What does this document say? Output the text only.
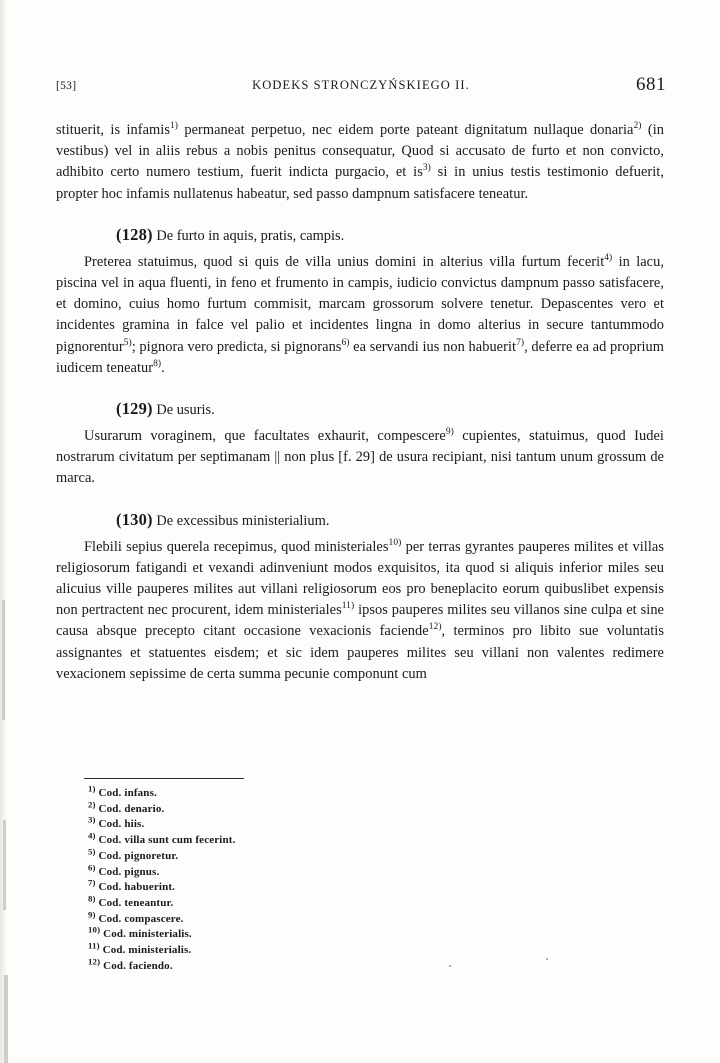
[53]	KODEKS STRONCZYŃSKIEGO II.	681

stituerit, is infamis$^{1)}$ permaneat perpetuo, nec eidem porte pateant dignitatum nullaque donaria$^{2)}$ (in vestibus) vel in aliis rebus a nobis penitus consequatur, Quod si accusato de furto et non convicto, adhibito certo numero testium, fuerit indicta purgacio, et is$^{3)}$ si in unius testis testimonio defuerit, propter hoc infamis nullatenus habeatur, sed passo dampnum satisfacere teneatur.

(128) De furto in aquis, pratis, campis.

Preterea statuimus, quod si quis de villa unius domini in alterius villa furtum fecerit$^{4)}$ in lacu, piscina vel in aqua fluenti, in feno et frumento in campis, iudicio convictus dampnum passo satisfacere, et domino, cuius homo furtum commisit, marcam grossorum solvere tenetur. Depascentes vero et incidentes gramina in falce vel palio et incidentes lingna in domo alterius in secure tantummodo pignorentur$^{5)}$; pignora vero predicta, si pignorans$^{6)}$ ea servandi ius non habuerit$^{7)}$, deferre ea ad proprium iudicem teneatur$^{8)}$.

(129) De usuris.

Usurarum voraginem, que facultates exhaurit, compescere$^{9)}$ cupientes, statuimus, quod Iudei nostrarum civitatum per septimanam || non plus [f. 29] de usura recipiant, nisi tantum unum grossum de marca.

(130) De excessibus ministerialium.

Flebili sepius querela recepimus, quod ministeriales$^{10)}$ per terras gyrantes pauperes milites et villas religiosorum fatigandi et vexandi adinveniunt modos exquisitos, ita quod si aliquis inferior miles seu alicuius ville pauperes milites aut villani religiosorum eos pro beneplacito eorum quibuslibet expensis non pertractent nec procurent, idem ministeriales$^{11)}$ ipsos pauperes milites seu villanos sine culpa et sine causa absque precepto citant occasione vexacionis faciende$^{12)}$, terminos pro libito sue voluntatis assignantes et statuentes eisdem; et sic idem pauperes milites seu villani non valentes redimere vexacionem sepissime de certa summa pecunie componunt cum

$^{1)}$ Cod. infans.
$^{2)}$ Cod. denario.
$^{3)}$ Cod. hiis.
$^{4)}$ Cod. villa sunt cum fecerint.
$^{5)}$ Cod. pignoretur.
$^{6)}$ Cod. pignus.
$^{7)}$ Cod. habuerint.
$^{8)}$ Cod. teneantur.
$^{9)}$ Cod. compascere.
$^{10)}$ Cod. ministerialis.
$^{11)}$ Cod. ministerialis.
$^{12)}$ Cod. faciendo.
